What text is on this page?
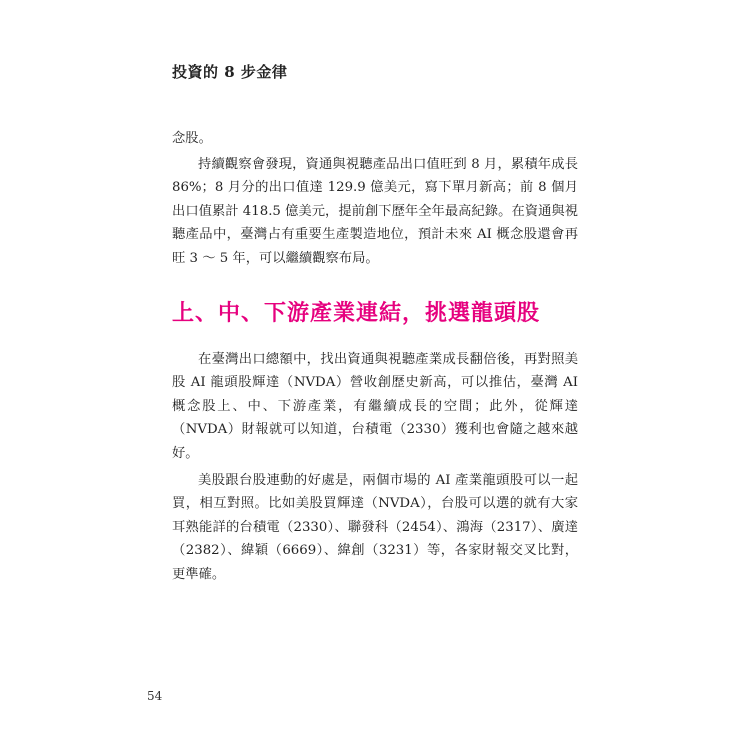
投資的 8 步金律

念股。

持續觀察會發現，資通與視聽產品出口值旺到 8 月，累積年成長 86%；8 月分的出口值達 129.9 億美元，寫下單月新高；前 8 個月出口值累計 418.5 億美元，提前創下歷年全年最高紀錄。在資通與視聽產品中，臺灣占有重要生產製造地位，預計未來 AI 概念股還會再旺 3 ～ 5 年，可以繼續觀察布局。

上、中、下游產業連結，挑選龍頭股

在臺灣出口總額中，找出資通與視聽產業成長翻倍後，再對照美股 AI 龍頭股輝達（NVDA）營收創歷史新高，可以推估，臺灣 AI 概念股上、中、下游產業，有繼續成長的空間；此外，從輝達（NVDA）財報就可以知道，台積電（2330）獲利也會隨之越來越好。

美股跟台股連動的好處是，兩個市場的 AI 產業龍頭股可以一起買，相互對照。比如美股買輝達（NVDA），台股可以選的就有大家耳熟能詳的台積電（2330）、聯發科（2454）、鴻海（2317）、廣達（2382）、緯穎（6669）、緯創（3231）等，各家財報交叉比對，更準確。

54
